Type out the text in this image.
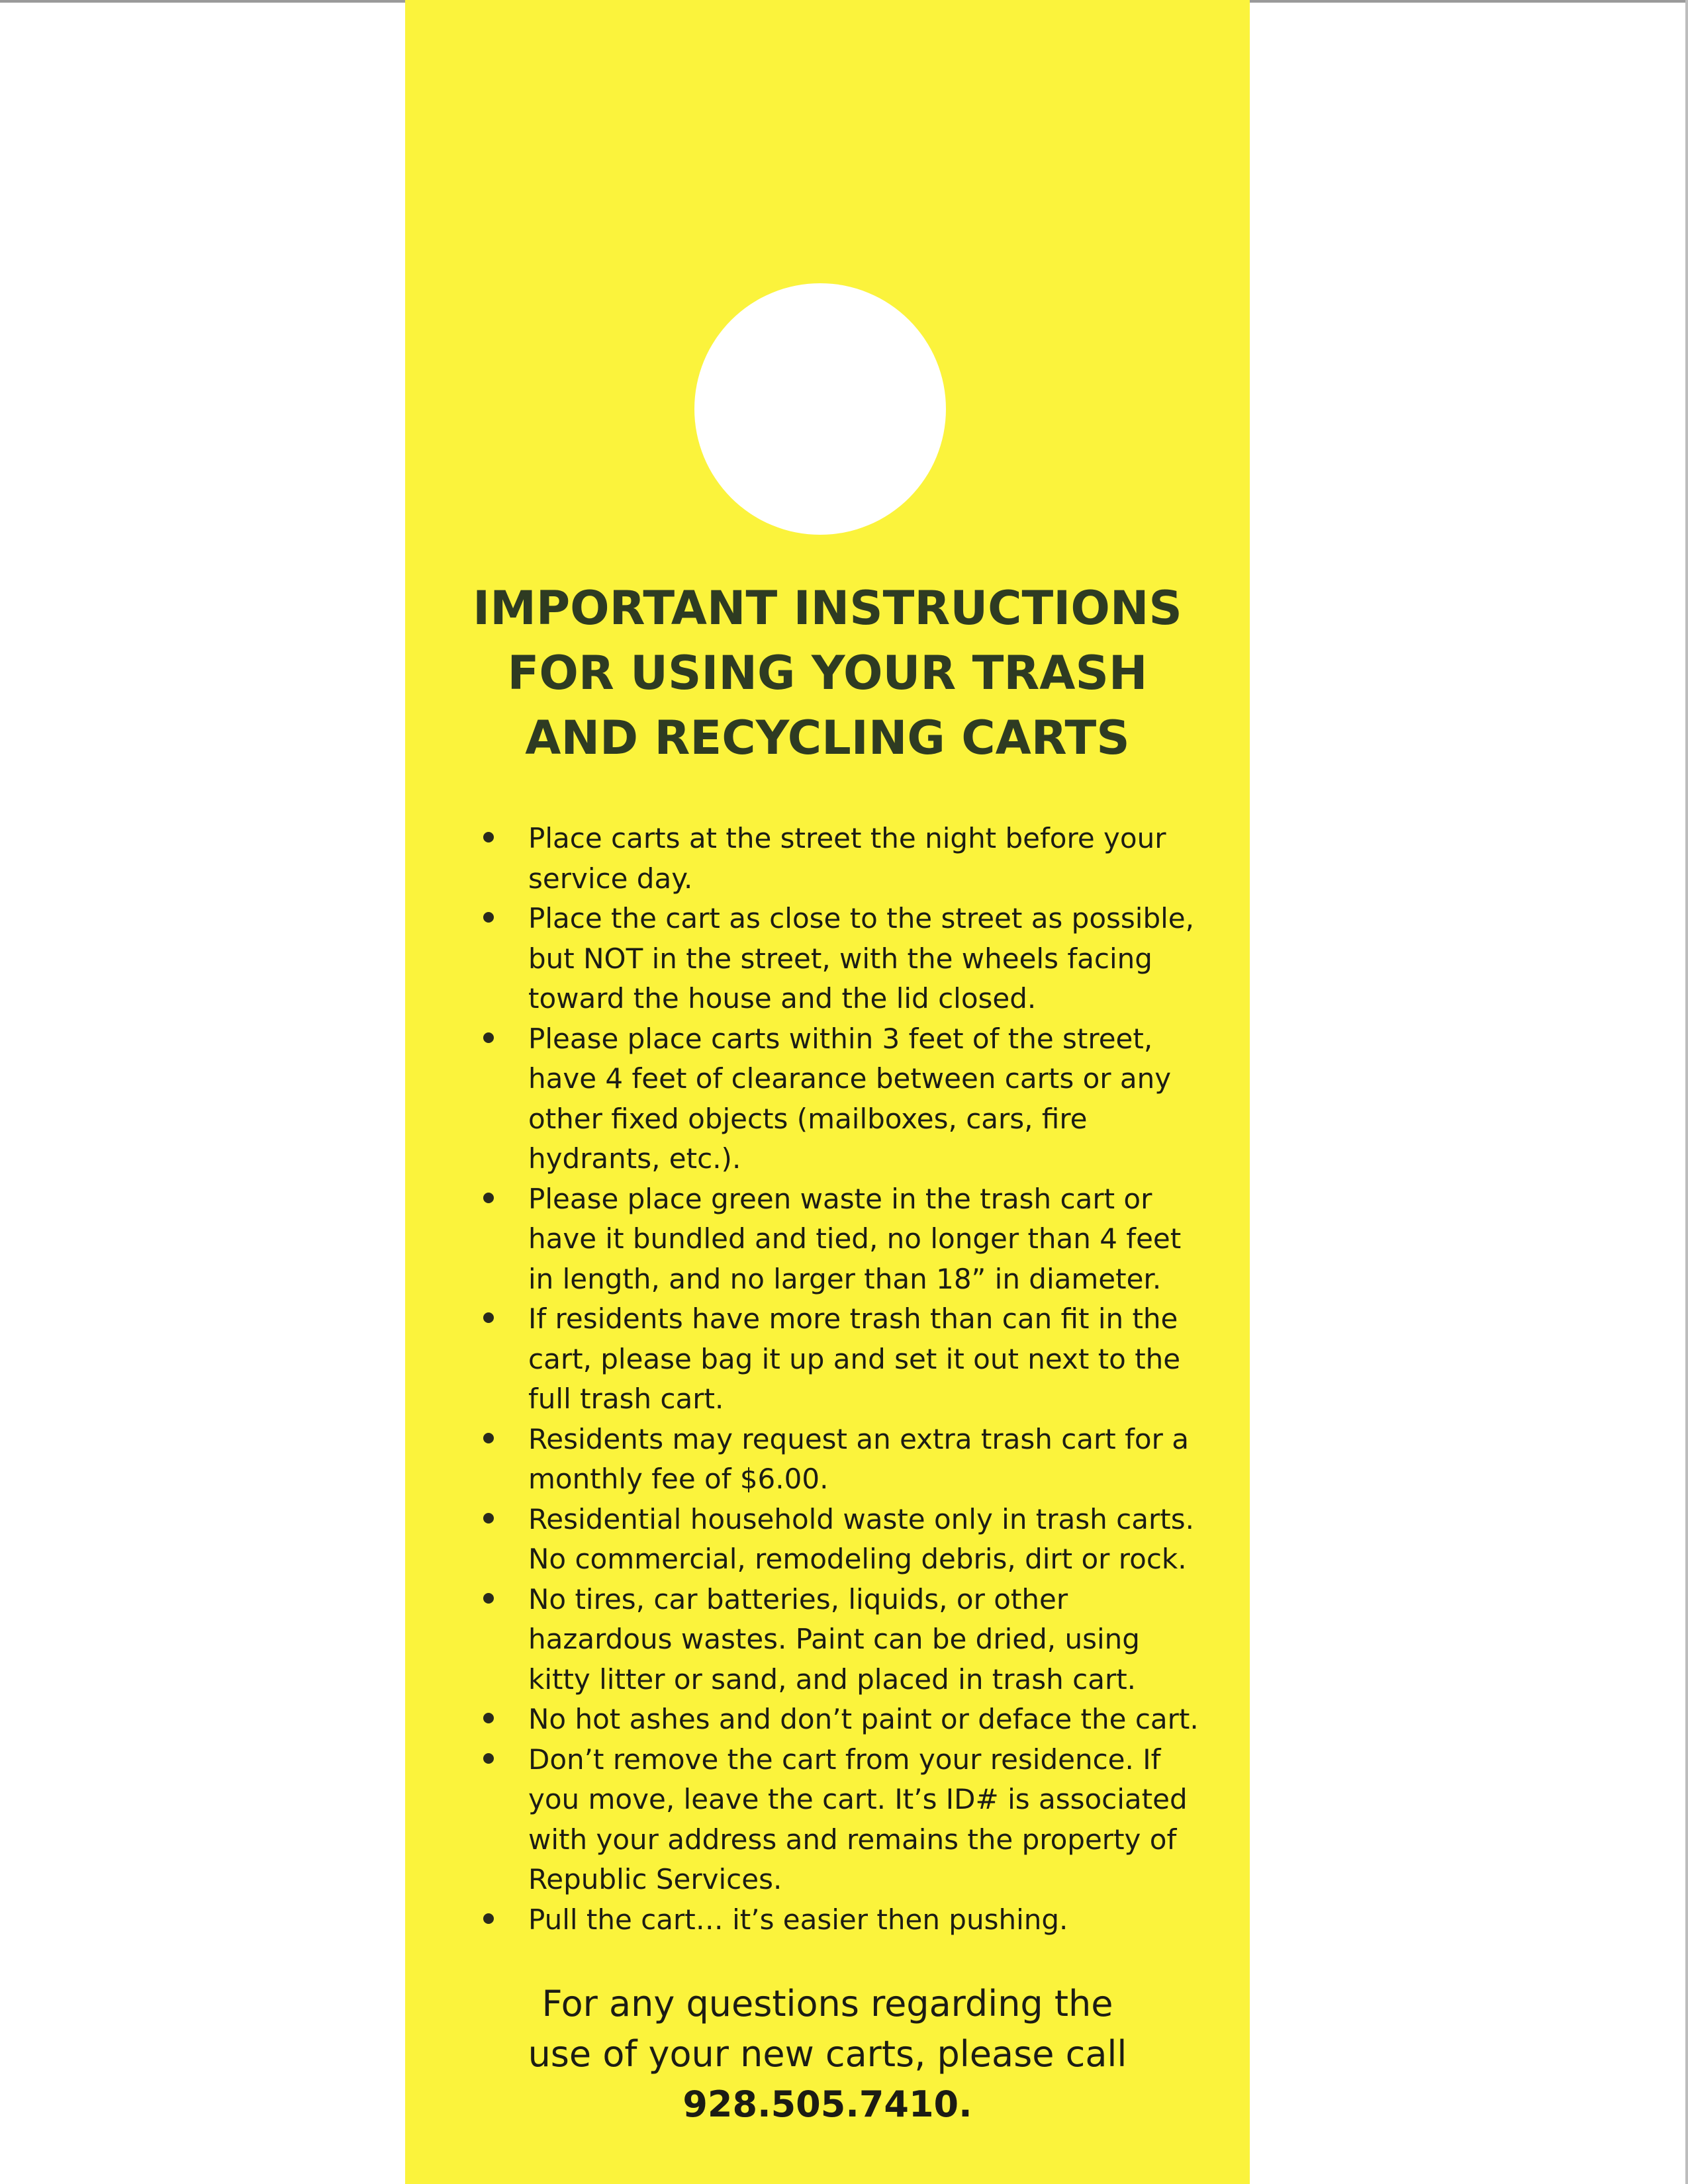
IMPORTANT INSTRUCTIONS
FOR USING YOUR TRASH
AND RECYCLING CARTS
Place carts at the street the night before your
service day.
Place the cart as close to the street as possible,
but NOT in the street, with the wheels facing
toward the house and the lid closed.
Please place carts within 3 feet of the street,
have 4 feet of clearance between carts or any
other fixed objects (mailboxes, cars, fire
hydrants, etc.).
Please place green waste in the trash cart or
have it bundled and tied, no longer than 4 feet
in length, and no larger than 18” in diameter.
If residents have more trash than can fit in the
cart, please bag it up and set it out next to the
full trash cart.
Residents may request an extra trash cart for a
monthly fee of $6.00.
Residential household waste only in trash carts.
No commercial, remodeling debris, dirt or rock.
No tires, car batteries, liquids, or other
hazardous wastes. Paint can be dried, using
kitty litter or sand, and placed in trash cart.
No hot ashes and don’t paint or deface the cart.
Don’t remove the cart from your residence. If
you move, leave the cart. It’s ID# is associated
with your address and remains the property of
Republic Services.
Pull the cart… it’s easier then pushing.
For any questions regarding the
use of your new carts, please call
928.505.7410.
